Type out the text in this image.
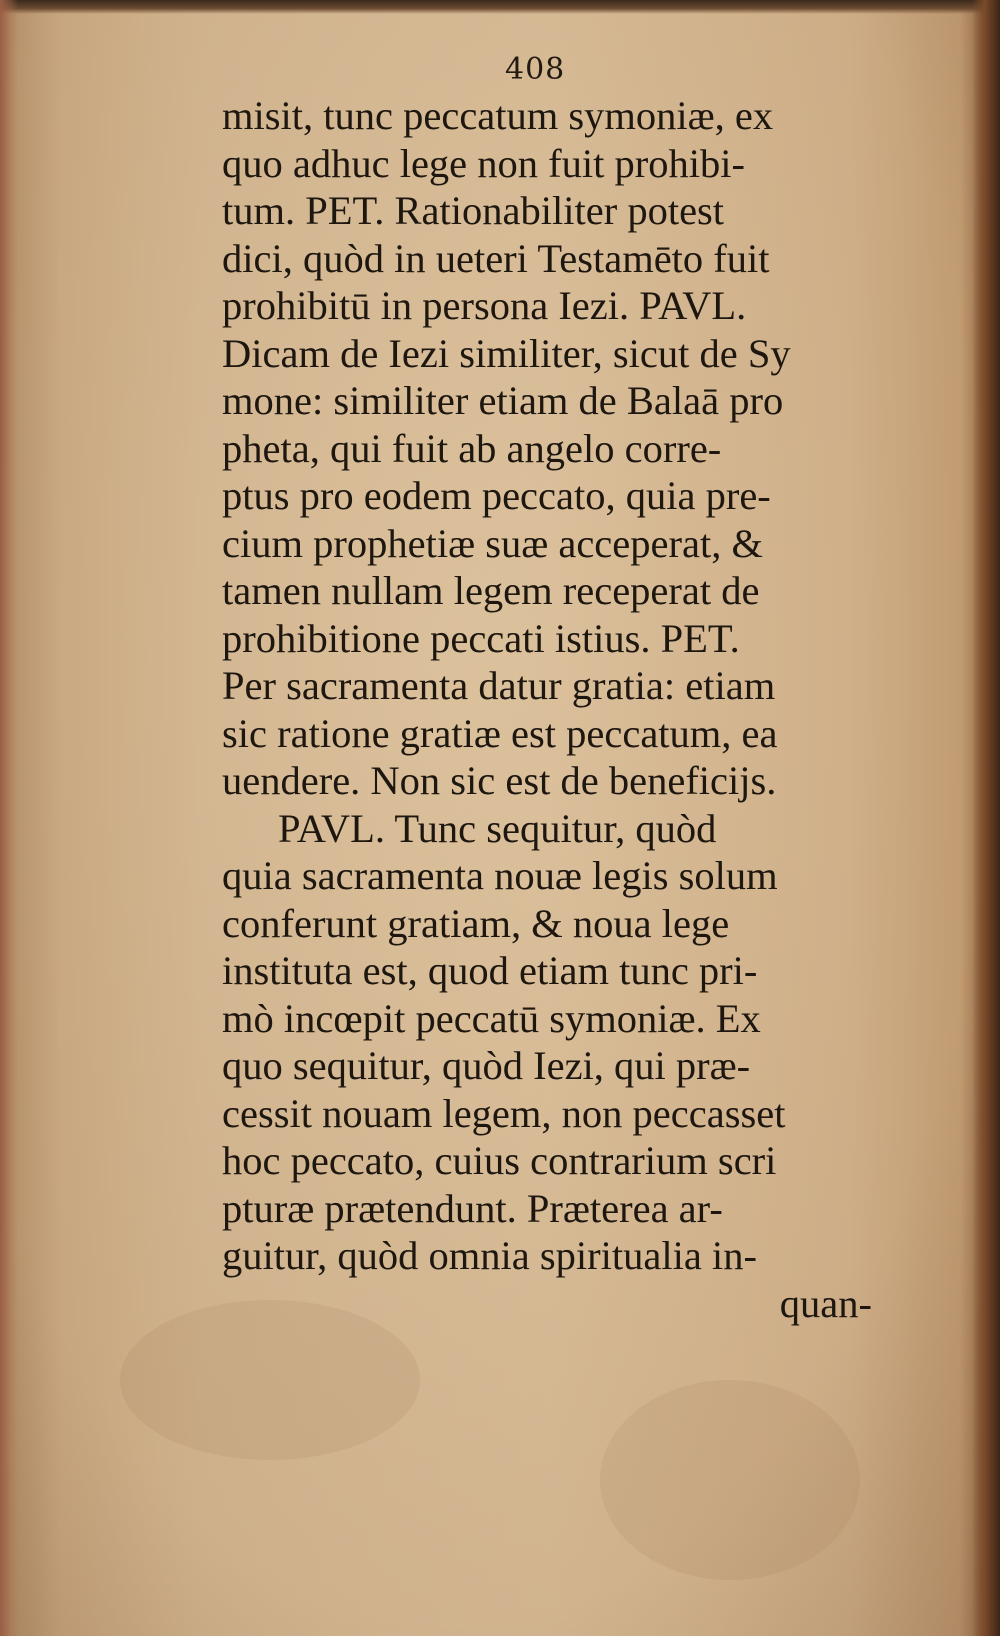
408
misit, tunc peccatum symoniæ, ex
quo adhuc lege non fuit prohibi-
tum. PET. Rationabiliter potest
dici, quòd in ueteri Testamēto fuit
prohibitū in persona Iezi. PAVL.
Dicam de Iezi similiter, sicut de Sy
mone: similiter etiam de Balaā pro
pheta, qui fuit ab angelo corre-
ptus pro eodem peccato, quia pre-
cium prophetiæ suæ acceperat, &
tamen nullam legem receperat de
prohibitione peccati istius. PET.
Per sacramenta datur gratia: etiam
sic ratione gratiæ est peccatum, ea
uendere. Non sic est de beneficijs.
PAVL. Tunc sequitur, quòd
quia sacramenta nouæ legis solum
conferunt gratiam, & noua lege
instituta est, quod etiam tunc pri-
mò incœpit peccatū symoniæ. Ex
quo sequitur, quòd Iezi, qui præ-
cessit nouam legem, non peccasset
hoc peccato, cuius contrarium scri
pturæ prætendunt. Præterea ar-
guitur, quòd omnia spiritualia in-
quan-
